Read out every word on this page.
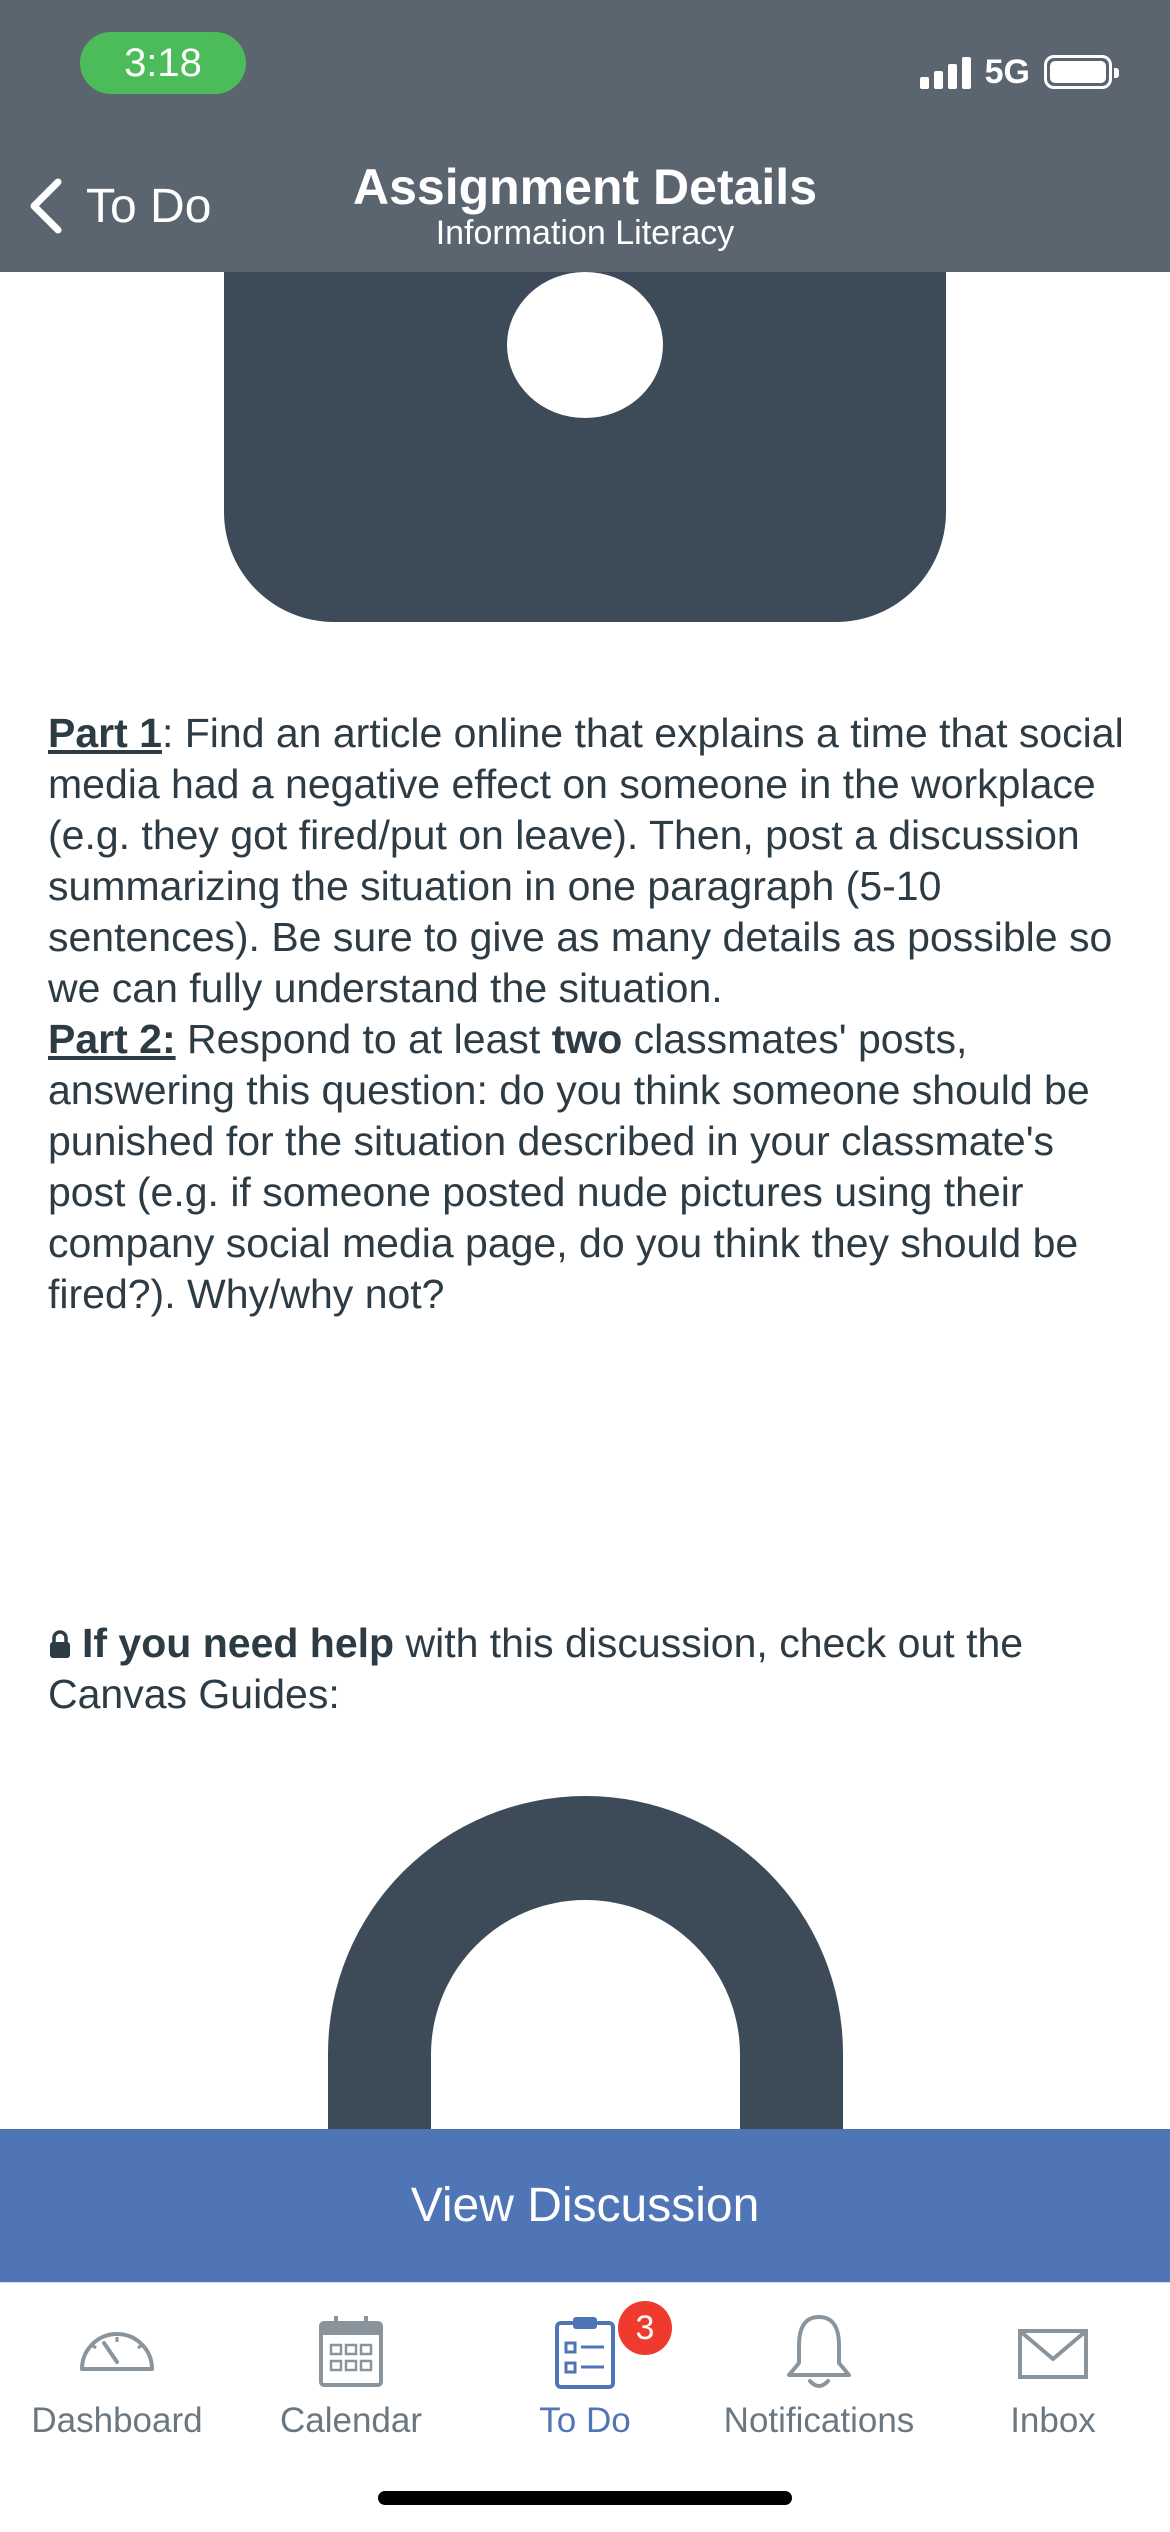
3:18	5G
To Do	Assignment Details
Information Literacy
Part 1: Find an article online that explains a time that social media had a negative effect on someone in the workplace (e.g. they got fired/put on leave). Then, post a discussion summarizing the situation in one paragraph (5-10 sentences). Be sure to give as many details as possible so we can fully understand the situation.
Part 2: Respond to at least two classmates' posts, answering this question: do you think someone should be punished for the situation described in your classmate's post (e.g. if someone posted nude pictures using their company social media page, do you think they should be fired?). Why/why not?
If you need help with this discussion, check out the Canvas Guides:
View Discussion
Dashboard	Calendar
3
To Do	Notifications	Inbox
